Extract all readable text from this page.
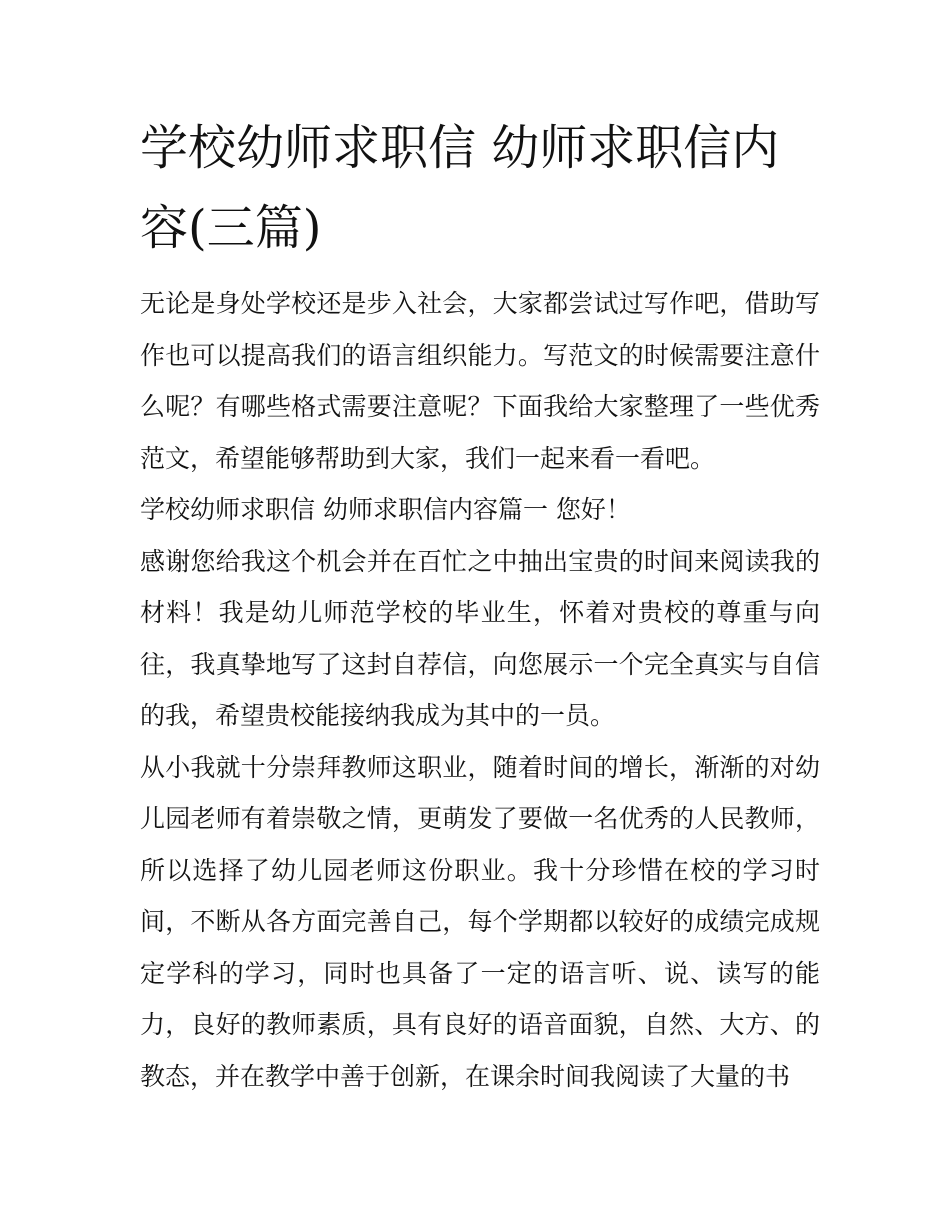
学校幼师求职信 幼师求职信内容(三篇)

无论是身处学校还是步入社会，大家都尝试过写作吧，借助写作也可以提高我们的语言组织能力。写范文的时候需要注意什么呢？有哪些格式需要注意呢？下面我给大家整理了一些优秀范文，希望能够帮助到大家，我们一起来看一看吧。

学校幼师求职信 幼师求职信内容篇一 您好！

感谢您给我这个机会并在百忙之中抽出宝贵的时间来阅读我的材料！我是幼儿师范学校的毕业生，怀着对贵校的尊重与向往，我真挚地写了这封自荐信，向您展示一个完全真实与自信的我，希望贵校能接纳我成为其中的一员。

从小我就十分崇拜教师这职业，随着时间的增长，渐渐的对幼儿园老师有着崇敬之情，更萌发了要做一名优秀的人民教师，所以选择了幼儿园老师这份职业。我十分珍惜在校的学习时间，不断从各方面完善自己，每个学期都以较好的成绩完成规定学科的学习，同时也具备了一定的语言听、说、读写的能力，良好的教师素质，具有良好的语音面貌，自然、大方、的教态，并在教学中善于创新，在课余时间我阅读了大量的书
